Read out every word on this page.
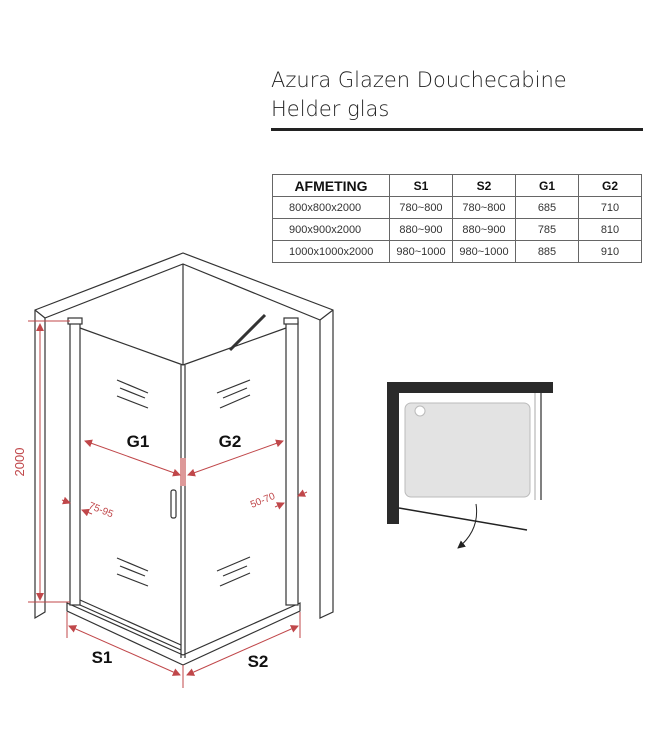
Azura Glazen Douchecabine
Helder glas
AFMETING	S1	S2	G1	G2
800x800x2000	780~800	780~800	685	710
900x900x2000	880~900	880~900	785	810
1000x1000x2000	980~1000	980~1000	885	910
2000
G1	G2
S1	S2
75-95	50-70
